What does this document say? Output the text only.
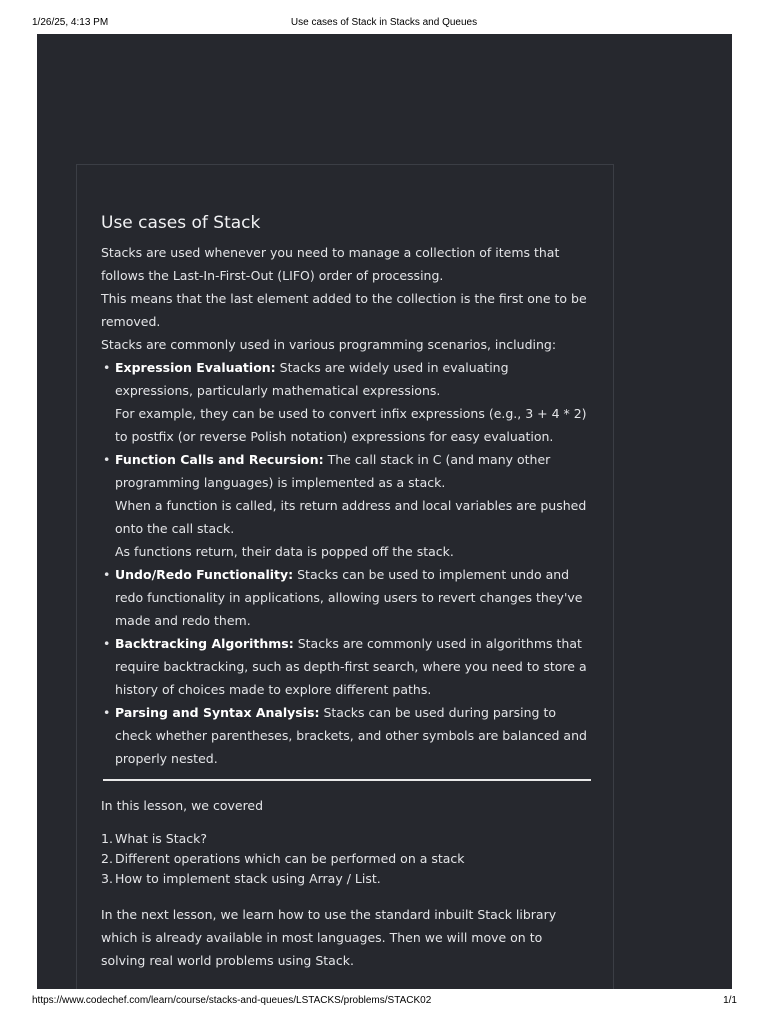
1/26/25, 4:13 PM	Use cases of Stack in Stacks and Queues
Use cases of Stack

Stacks are used whenever you need to manage a collection of items that follows the Last-In-First-Out (LIFO) order of processing.
This means that the last element added to the collection is the first one to be removed.
Stacks are commonly used in various programming scenarios, including:

• Expression Evaluation: Stacks are widely used in evaluating expressions, particularly mathematical expressions.
For example, they can be used to convert infix expressions (e.g., 3 + 4 * 2) to postfix (or reverse Polish notation) expressions for easy evaluation.
• Function Calls and Recursion: The call stack in C (and many other programming languages) is implemented as a stack.
When a function is called, its return address and local variables are pushed onto the call stack.
As functions return, their data is popped off the stack.
• Undo/Redo Functionality: Stacks can be used to implement undo and redo functionality in applications, allowing users to revert changes they've made and redo them.
• Backtracking Algorithms: Stacks are commonly used in algorithms that require backtracking, such as depth-first search, where you need to store a history of choices made to explore different paths.
• Parsing and Syntax Analysis: Stacks can be used during parsing to check whether parentheses, brackets, and other symbols are balanced and properly nested.
In this lesson, we covered
1. What is Stack?
2. Different operations which can be performed on a stack
3. How to implement stack using Array / List.
In the next lesson, we learn how to use the standard inbuilt Stack library which is already available in most languages. Then we will move on to solving real world problems using Stack.
https://www.codechef.com/learn/course/stacks-and-queues/LSTACKS/problems/STACK02	1/1
